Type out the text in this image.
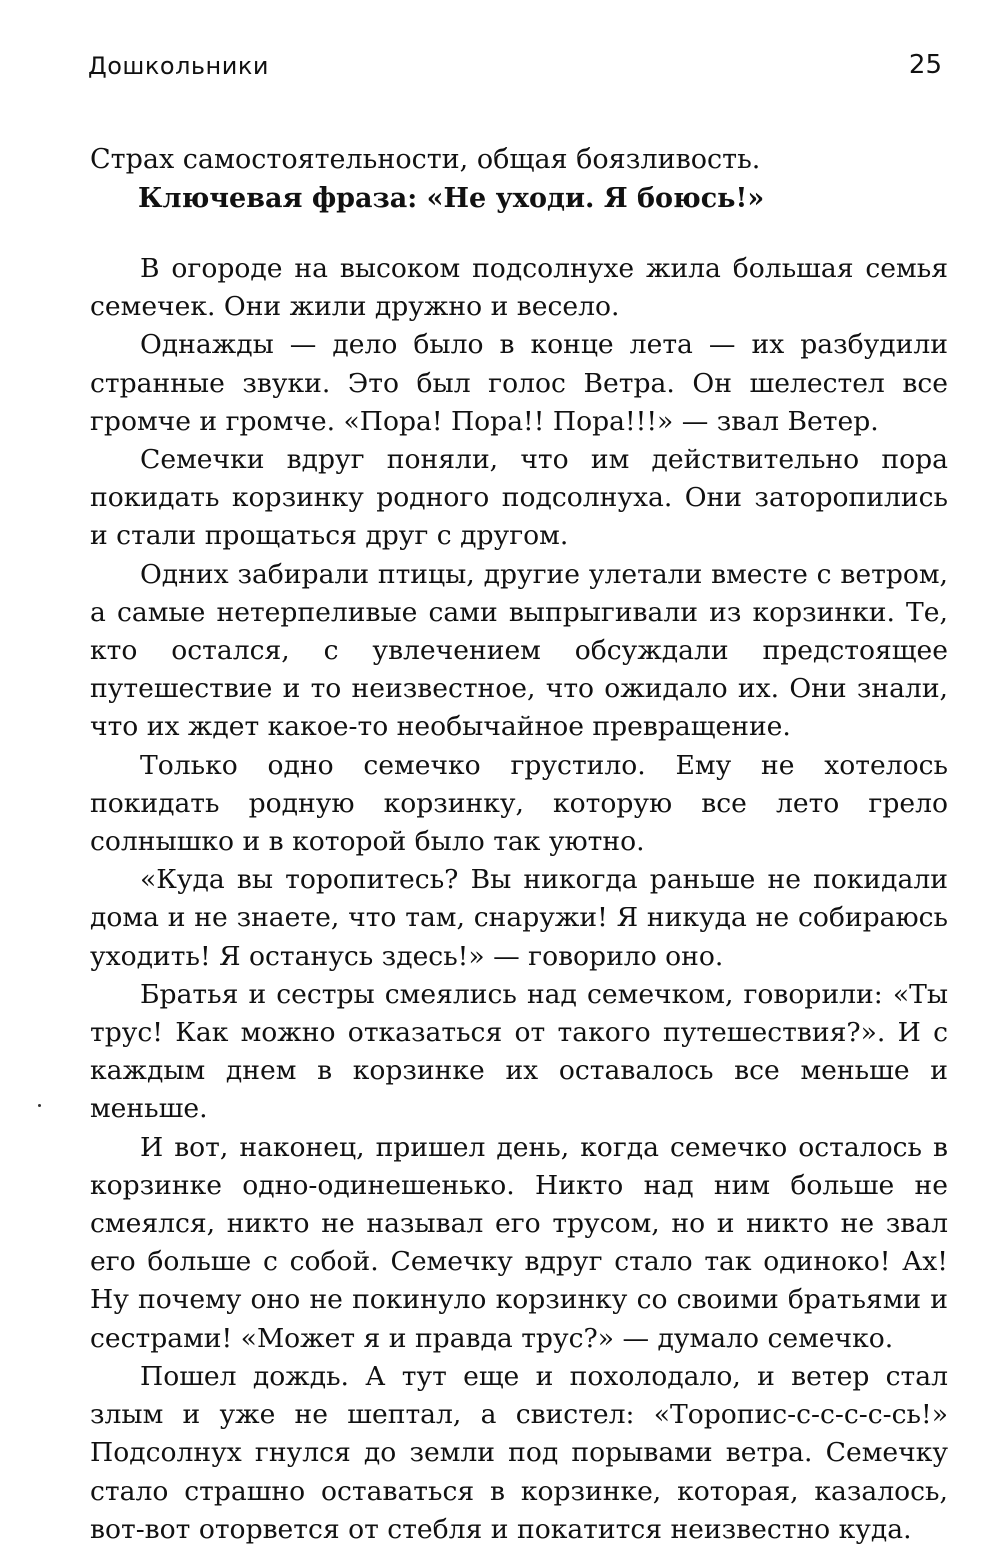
Дошкольники	25

Страх самостоятельности, общая боязливость.

Ключевая фраза: «Не уходи. Я боюсь!»

В огороде на высоком подсолнухе жила большая семья семечек. Они жили дружно и весело.

Однажды — дело было в конце лета — их разбудили странные звуки. Это был голос Ветра. Он шелестел все громче и громче. «Пора! Пора!! Пора!!!» — звал Ветер.

Семечки вдруг поняли, что им действительно пора покидать корзинку родного подсолнуха. Они заторопились и стали прощаться друг с другом.

Одних забирали птицы, другие улетали вместе с ветром, а самые нетерпеливые сами выпрыгивали из корзинки. Те, кто остался, с увлечением обсуждали предстоящее путешествие и то неизвестное, что ожидало их. Они знали, что их ждет какое-то необычайное превращение.

Только одно семечко грустило. Ему не хотелось покидать родную корзинку, которую все лето грело солнышко и в которой было так уютно.

«Куда вы торопитесь? Вы никогда раньше не покидали дома и не знаете, что там, снаружи! Я никуда не собираюсь уходить! Я останусь здесь!» — говорило оно.

Братья и сестры смеялись над семечком, говорили: «Ты трус! Как можно отказаться от такого путешествия?». И с каждым днем в корзинке их оставалось все меньше и меньше.

И вот, наконец, пришел день, когда семечко осталось в корзинке одно-одинешенько. Никто над ним больше не смеялся, никто не называл его трусом, но и никто не звал его больше с собой. Семечку вдруг стало так одиноко! Ах! Ну почему оно не покинуло корзинку со своими братьями и сестрами! «Может я и правда трус?» — думало семечко.

Пошел дождь. А тут еще и похолодало, и ветер стал злым и уже не шептал, а свистел: «Торопис-с-с-с-с-сь!» Подсолнух гнулся до земли под порывами ветра. Семечку стало страшно оставаться в корзинке, которая, казалось, вот-вот оторвется от стебля и покатится неизвестно куда.
